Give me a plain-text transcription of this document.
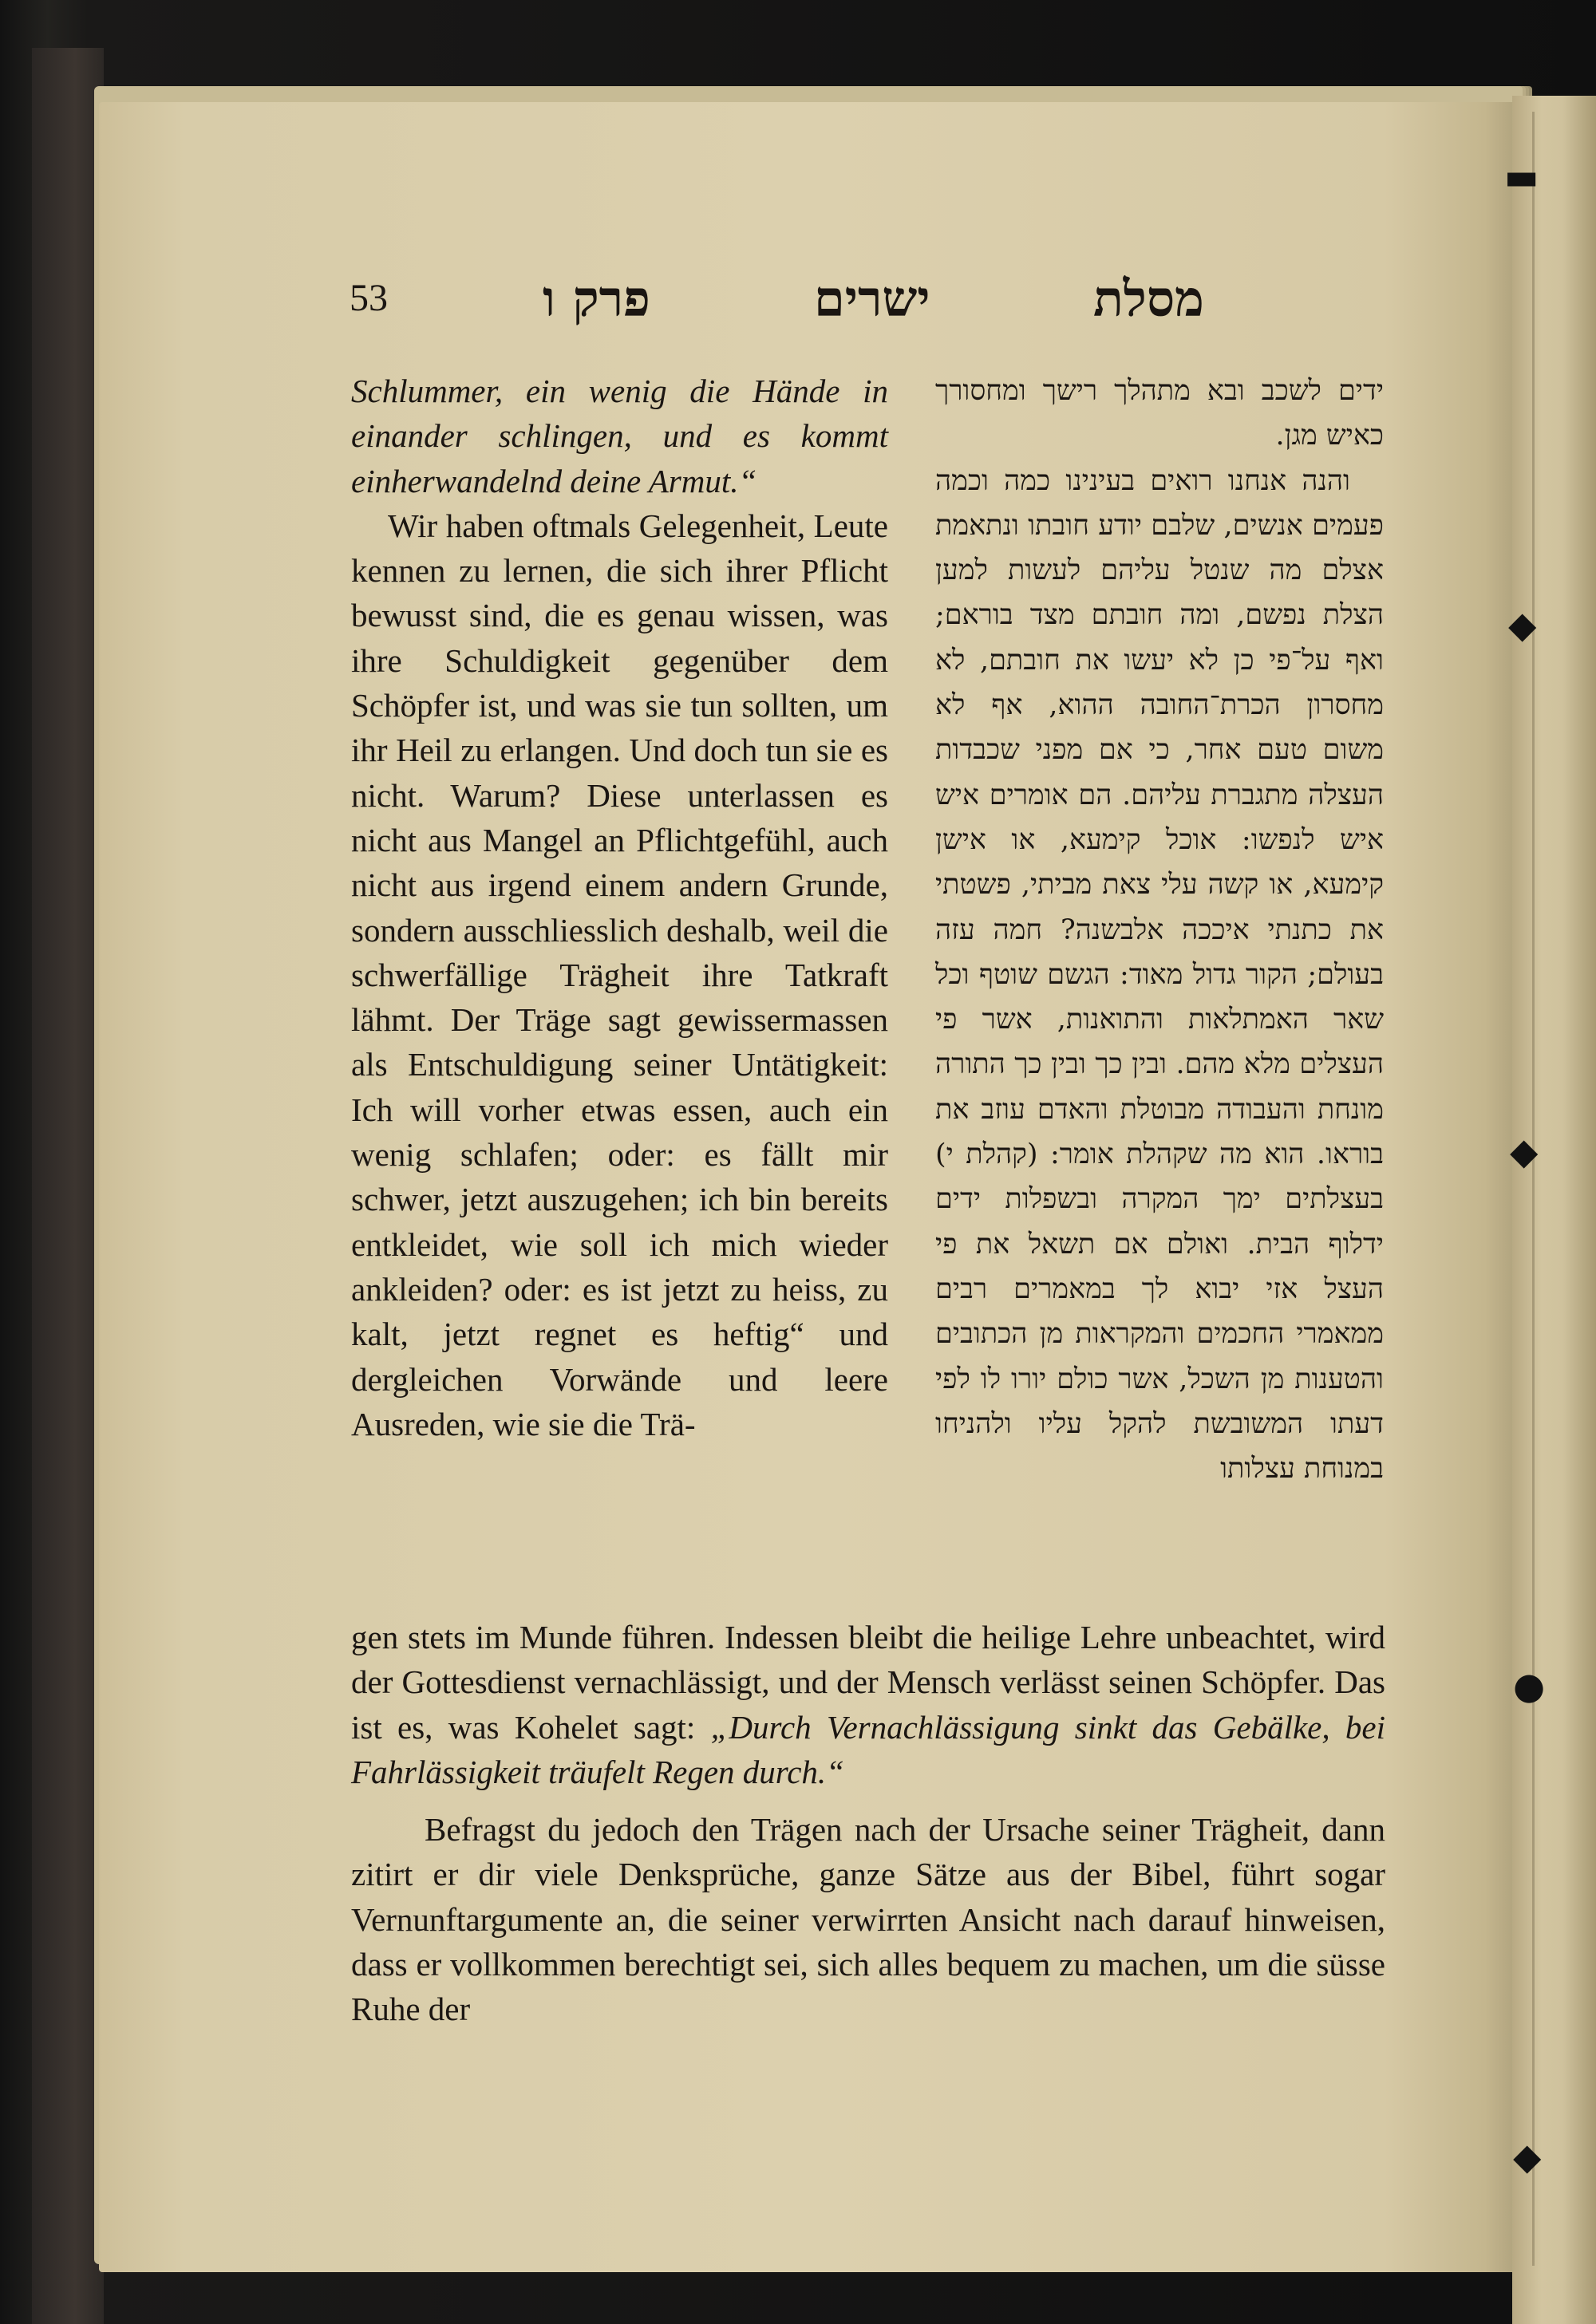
▬
◆
◆
●
◆
53	פרק ו	ישרים	מסלת

Schlummer, ein wenig die Hände in einander schlingen, und es kommt einherwandelnd deine Armut.“

Wir haben oftmals Gelegenheit, Leute kennen zu lernen, die sich ihrer Pflicht bewusst sind, die es genau wissen, was ihre Schuldigkeit gegenüber dem Schöpfer ist, und was sie tun sollten, um ihr Heil zu erlangen. Und doch tun sie es nicht. Warum? Diese unterlassen es nicht aus Mangel an Pflichtgefühl, auch nicht aus irgend einem andern Grunde, sondern ausschliesslich deshalb, weil die schwerfällige Trägheit ihre Tatkraft lähmt. Der Träge sagt gewissermassen als Entschuldigung seiner Untätigkeit: Ich will vorher etwas essen, auch ein wenig schlafen; oder: es fällt mir schwer, jetzt auszugehen; ich bin bereits entkleidet, wie soll ich mich wieder ankleiden? oder: es ist jetzt zu heiss, zu kalt, jetzt regnet es heftig“ und dergleichen Vorwände und leere Ausreden, wie sie die Trä-

ידים לשכב ובא מתהלך רישך ומחסורך כאיש מגן.

והנה אנחנו רואים בעינינו כמה וכמה פעמים אנשים, שלבם יודע חובתו ונתאמת אצלם מה שנטל עליהם לעשות למען הצלת נפשם, ומה חובתם מצד בוראם; ואף על־פי כן לא יעשו את חובתם, לא מחסרון הכרת־החובה ההוא, אף לא משום טעם אחר, כי אם מפני שכבדות העצלה מתגברת עליהם. הם אומרים איש איש לנפשו: אוכל קימעא, או אישן קימעא, או קשה עלי צאת מביתי, פשטתי את כתנתי איככה אלבשנה? חמה עזה בעולם; הקור גדול מאוד: הגשם שוטף וכל שאר האמתלאות והתואנות, אשר פי העצלים מלא מהם. ובין כך ובין כך התורה מונחת והעבודה מבוטלת והאדם עוזב את בוראו. הוא מה שקהלת אומר: (קהלת י) בעצלתים ימך המקרה ובשפלות ידים ידלוף הבית. ואולם אם תשאל את פי העצל אזי יבוא לך במאמרים רבים ממאמרי החכמים והמקראות מן הכתובים והטענות מן השכל, אשר כולם יורו לו לפי דעתו המשובשת להקל עליו ולהניחו במנוחת עצלותו

gen stets im Munde führen. Indessen bleibt die heilige Lehre unbeachtet, wird der Gottesdienst vernachlässigt, und der Mensch verlässt seinen Schöpfer. Das ist es, was Kohelet sagt: „Durch Vernachlässigung sinkt das Gebälke, bei Fahrlässigkeit träufelt Regen durch.“

Befragst du jedoch den Trägen nach der Ursache seiner Trägheit, dann zitirt er dir viele Denksprüche, ganze Sätze aus der Bibel, führt sogar Vernunftargumente an, die seiner verwirrten Ansicht nach darauf hinweisen, dass er vollkommen berechtigt sei, sich alles bequem zu machen, um die süsse Ruhe der
